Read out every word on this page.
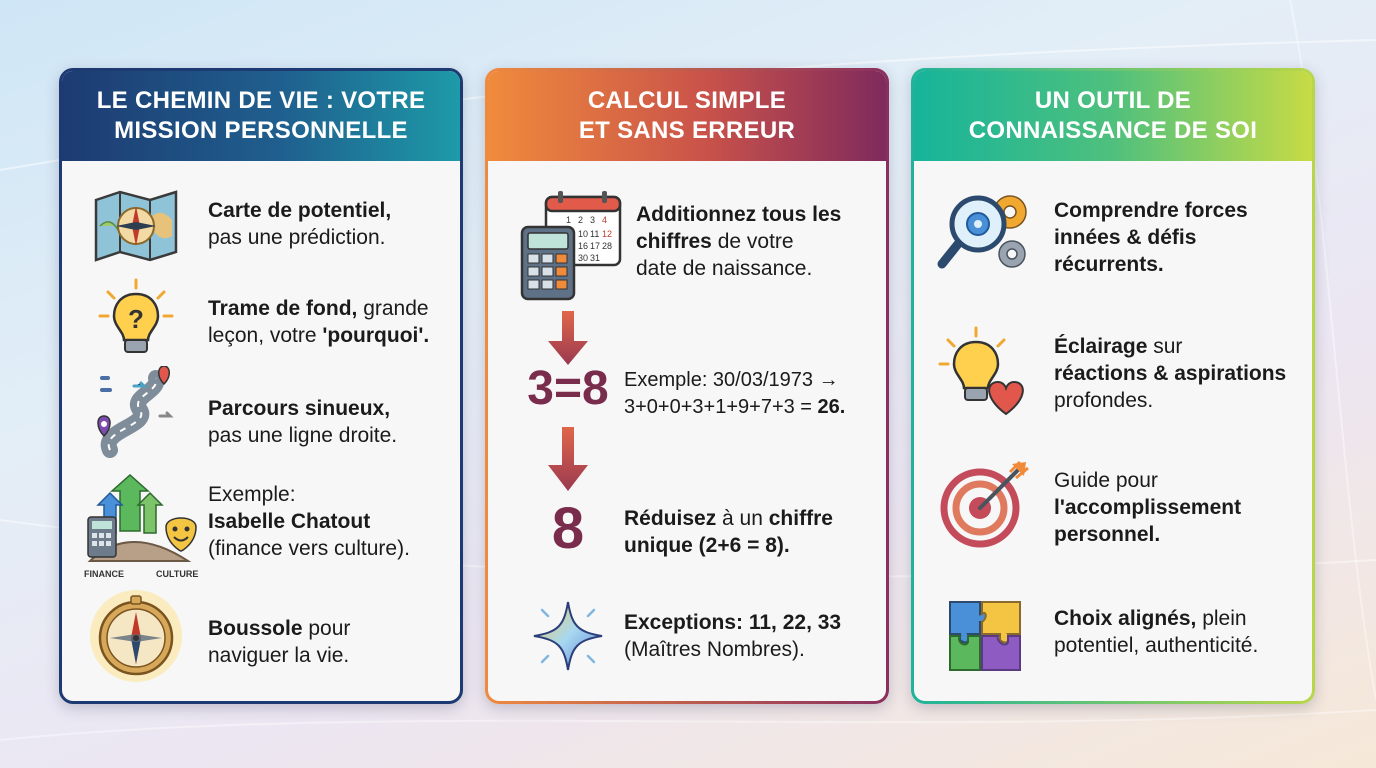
LE CHEMIN DE VIE : VOTRE
MISSION PERSONNELLE
Carte de potentiel,
pas une prédiction.
?	Trame de fond, grande
leçon, votre 'pourquoi'.
Parcours sinueux,
pas une ligne droite.
FINANCE	CULTURE
Exemple:
Isabelle Chatout
(finance vers culture).
Boussole pour
naviguer la vie.
CALCUL SIMPLE
ET SANS ERREUR
1 2 3 4
10 11 12
16 17 28
30 31
Additionnez tous les
chiffres de votre
date de naissance.
3=8 Exemple: 30/03/1973 →
3+0+0+3+1+9+7+3 = 26.
8	Réduisez à un chiffre
unique (2+6 = 8).
Exceptions: 11, 22, 33
(Maîtres Nombres).
UN OUTIL DE
CONNAISSANCE DE SOI
Comprendre forces
innées & défis
récurrents.
Éclairage sur
réactions & aspirations
profondes.
Guide pour
l'accomplissement
personnel.
Choix alignés, plein
potentiel, authenticité.
